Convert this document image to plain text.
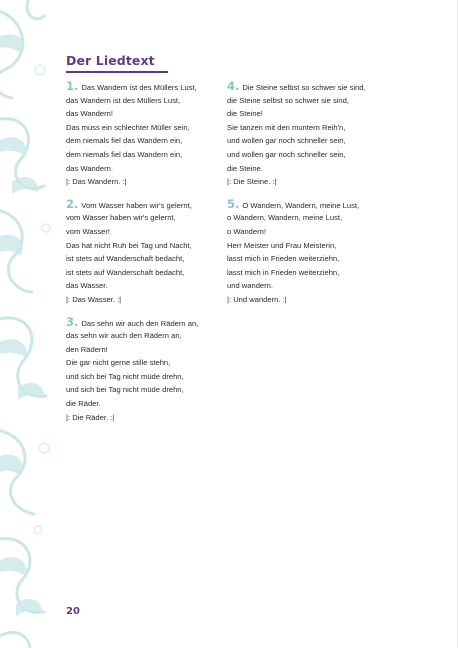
Der Liedtext
1. Das Wandern ist des Müllers Lust,
das Wandern ist des Müllers Lust,
das Wandern!
Das muss ein schlechter Müller sein,
dem niemals fiel das Wandern ein,
dem niemals fiel das Wandern ein,
das Wandern.
|: Das Wandern. :|
2. Vom Wasser haben wir's gelernt,
vom Wasser haben wir's gelernt,
vom Wasser!
Das hat nicht Ruh bei Tag und Nacht,
ist stets auf Wanderschaft bedacht,
ist stets auf Wanderschaft bedacht,
das Wasser.
|: Das Wasser. :|
3. Das sehn wir auch den Rädern an,
das sehn wir auch den Rädern an,
den Rädern!
Die gar nicht gerne stille stehn,
und sich bei Tag nicht müde drehn,
und sich bei Tag nicht müde drehn,
die Räder.
|: Die Räder. :|
4. Die Steine selbst so schwer sie sind,
die Steine selbst so schwer sie sind,
die Steine!
Sie tanzen mit den muntern Reih'n,
und wollen gar noch schneller sein,
und wollen gar noch schneller sein,
die Steine.
|: Die Steine. :|
5. O Wandern, Wandern, meine Lust,
o Wandern, Wandern, meine Lust,
o Wandern!
Herr Meister und Frau Meisterin,
lasst mich in Frieden weiterziehn,
lasst mich in Frieden weiterziehn,
und wandern.
|: Und wandern. :|
20
